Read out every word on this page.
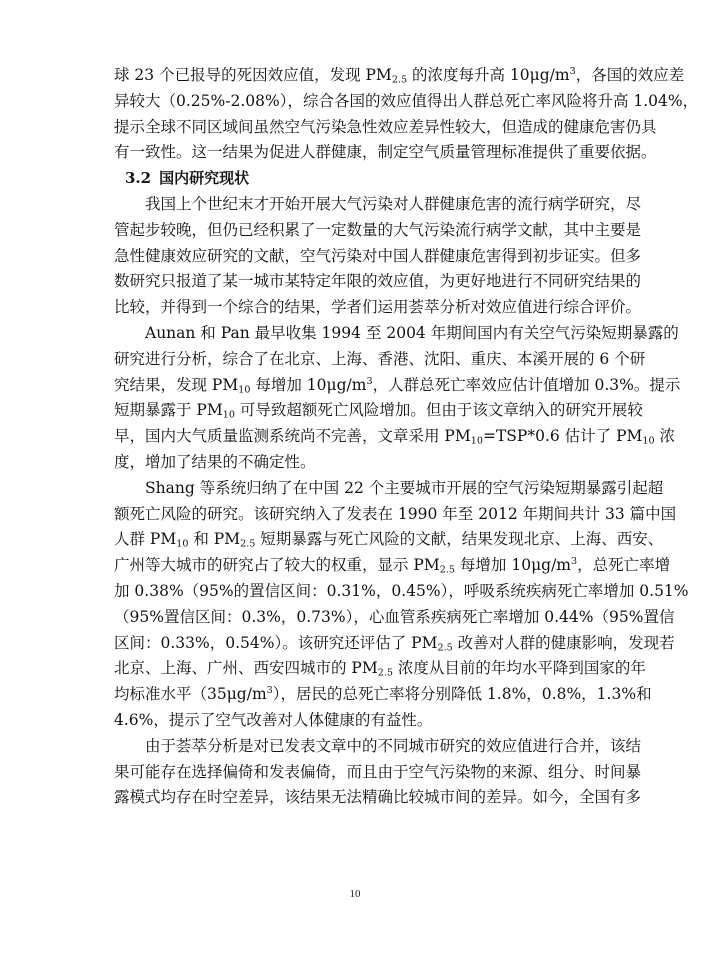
球 23 个已报导的死因效应值，发现 $PM_{2.5}$ 的浓度每升高 $10\mu g/m^3$，各国的效应差
异较大（0.25%-2.08%），综合各国的效应值得出人群总死亡率风险将升高 1.04%，
提示全球不同区域间虽然空气污染急性效应差异性较大，但造成的健康危害仍具
有一致性。这一结果为促进人群健康，制定空气质量管理标准提供了重要依据。
3.2 国内研究现状
我国上个世纪末才开始开展大气污染对人群健康危害的流行病学研究，尽
管起步较晚，但仍已经积累了一定数量的大气污染流行病学文献，其中主要是
急性健康效应研究的文献，空气污染对中国人群健康危害得到初步证实。但多
数研究只报道了某一城市某特定年限的效应值，为更好地进行不同研究结果的
比较，并得到一个综合的结果，学者们运用荟萃分析对效应值进行综合评价。
Aunan 和 Pan 最早收集 1994 至 2004 年期间国内有关空气污染短期暴露的
研究进行分析，综合了在北京、上海、香港、沈阳、重庆、本溪开展的 6 个研
究结果，发现 $PM_{10}$ 每增加 $10\mu g/m^3$，人群总死亡率效应估计值增加 0.3%。提示
短期暴露于 $PM_{10}$ 可导致超额死亡风险增加。但由于该文章纳入的研究开展较
早，国内大气质量监测系统尚不完善，文章采用 $PM_{10}=TSP*0.6$ 估计了 $PM_{10}$ 浓
度，增加了结果的不确定性。
Shang 等系统归纳了在中国 22 个主要城市开展的空气污染短期暴露引起超
额死亡风险的研究。该研究纳入了发表在 1990 年至 2012 年期间共计 33 篇中国
人群 $PM_{10}$ 和 $PM_{2.5}$ 短期暴露与死亡风险的文献，结果发现北京、上海、西安、
广州等大城市的研究占了较大的权重，显示 $PM_{2.5}$ 每增加 $10\mu g/m^3$，总死亡率增
加 0.38%（95%的置信区间：0.31%，0.45%），呼吸系统疾病死亡率增加 0.51%
（95%置信区间：0.3%，0.73%），心血管系疾病死亡率增加 0.44%（95%置信
区间：0.33%，0.54%）。该研究还评估了 $PM_{2.5}$ 改善对人群的健康影响，发现若
北京、上海、广州、西安四城市的 $PM_{2.5}$ 浓度从目前的年均水平降到国家的年
均标准水平$(35\mu g/m^3)$，居民的总死亡率将分别降低 1.8%，0.8%，1.3%和
4.6%，提示了空气改善对人体健康的有益性。
由于荟萃分析是对已发表文章中的不同城市研究的效应值进行合并，该结
果可能存在选择偏倚和发表偏倚，而且由于空气污染物的来源、组分、时间暴
露模式均存在时空差异，该结果无法精确比较城市间的差异。如今，全国有多
10
